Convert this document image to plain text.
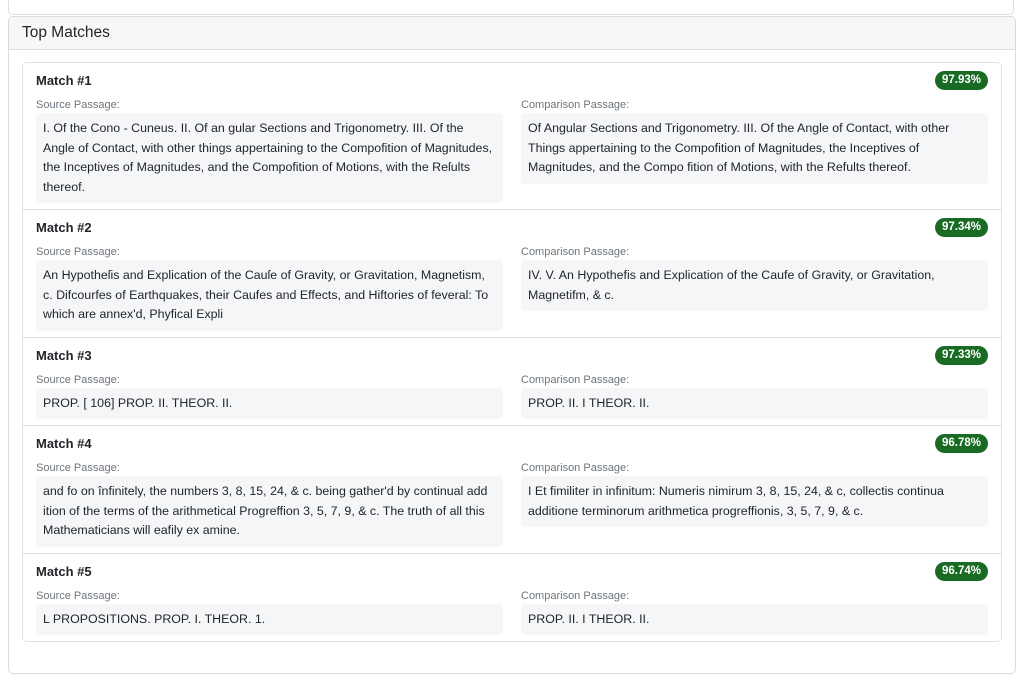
Top Matches
Match #1	97.93%
Source Passage:
I. Of the Cono - Cuneus. II. Of an gular Sections and Trigonometry. III. Of the Angle of Contact, with other things appertaining to the Compofition of Magnitudes, the Inceptives of Magnitudes, and the Compofition of Motions, with the Reſults thereof.
Comparison Passage:
Of Angular Sections and Trigonometry. III. Of the Angle of Contact, with other Things appertaining to the Compofition of Magnitudes, the Inceptives of Magnitudes, and the Compo fition of Motions, with the Refults thereof.
Match #2	97.34%
Source Passage:
An Hypotheſis and Explication of the Cauſe of Gravity, or Gravitation, Magnetism, c. Difcourfes of Earthquakes, their Caufes and Effects, and Hiftories of feveral: To which are annex'd, Phyfical Expli
Comparison Passage:
IV. V. An Hypothefis and Explication of the Caufe of Gravity, or Gravitation, Magnetifm, & c.
Match #3	97.33%
Source Passage:
PROP. [ 106] PROP. II. THEOR. II.
Comparison Passage:
PROP. II. I THEOR. II.
Match #4	96.78%
Source Passage:
and fo on înfinitely, the numbers 3, 8, 15, 24, & c. being gather'd by continual add ition of the terms of the arithmetical Progreffion 3, 5, 7, 9, & c. The truth of all this Mathematicians will eafily ex amine.
Comparison Passage:
I Et fimiliter in infinitum: Numeris nimirum 3, 8, 15, 24, & c, collectis continua additione terminorum arithmetica progreffionis, 3, 5, 7, 9, & c.
Match #5	96.74%
Source Passage:
L PROPOSITIONS. PROP. I. THEOR. 1.
Comparison Passage:
PROP. II. I THEOR. II.
